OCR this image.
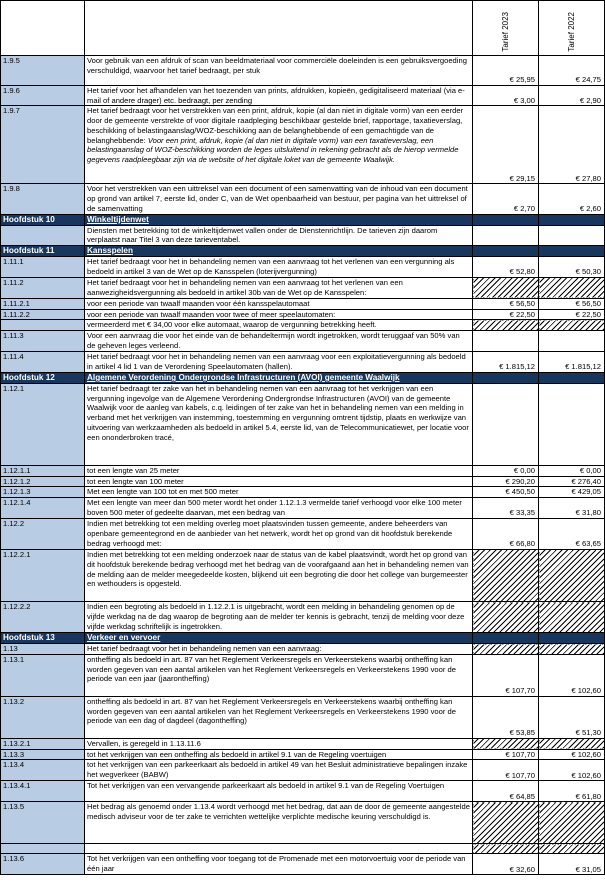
		Tarief 2023	Tarief 2022

1.9.5	Voor gebruik van een afdruk of scan van beeldmateriaal voor commerciële doeleinden is een gebruiksvergoeding verschuldigd, waarvoor het tarief bedraagt, per stuk	€ 25,95	€ 24,75
1.9.6	Het tarief voor het afhandelen van het toezenden van prints, afdrukken, kopieën, gedigitaliseerd materiaal (via e-mail of andere drager) etc. bedraagt, per zending	€ 3,00	€ 2,90
1.9.7	Het tarief bedraagt voor het verstrekken van een print, afdruk, kopie (al dan niet in digitale vorm) van een eerder door de gemeente verstrekte of voor digitale raadpleging beschikbaar gestelde brief, rapportage, taxatieverslag, beschikking of belastingaanslag/WOZ-beschikking aan de belanghebbende of een gemachtigde van de belanghebbende: Voor een print, afdruk, kopie (al dan niet in digitale vorm) van een taxatieverslag, een belastingaanslag of WOZ-beschikking worden de leges uitsluitend in rekening gebracht als de hierop vermelde gegevens raadpleegbaar zijn via de website of het digitale loket van de gemeente Waalwijk.	€ 29,15	€ 27,80
1.9.8	Voor het verstrekken van een uittreksel van een document of een samenvatting van de inhoud van een document op grond van artikel 7, eerste lid, onder C, van de Wet openbaarheid van bestuur, per pagina van het uittreksel of de samenvatting	€ 2,70	€ 2,60
Hoofdstuk 10	Winkeltijdenwet		
	Diensten met betrekking tot de winkeltijdenwet vallen onder de Dienstenrichtlijn. De tarieven zijn daarom verplaatst naar Titel 3 van deze tarieventabel.		
Hoofdstuk 11	Kansspelen		
1.11.1	Het tarief bedraagt voor het in behandeling nemen van een aanvraag tot het verlenen van een vergunning als bedoeld in artikel 3 van de Wet op de Kansspelen (loterijvergunning)	€ 52,80	€ 50,30
1.11.2	Het tarief bedraagt voor het in behandeling nemen van een aanvraag tot het verlenen van een aanwezigheidsvergunning als bedoeld in artikel 30b van de Wet op de Kansspelen:		
1.11.2.1	voor een periode van twaalf maanden voor één kansspelautomaat	€ 56,50	€ 56,50
1.11.2.2	voor een periode van twaalf maanden voor twee of meer speelautomaten:	€ 22,50	€ 22,50
	vermeerderd met € 34,00 voor elke automaat, waarop de vergunning betrekking heeft.		
1.11.3	Voor een aanvraag die voor het einde van de behandeltermijn wordt ingetrokken, wordt teruggaaf van 50% van de geheven leges verleend.		
1.11.4	Het tarief bedraagt voor het in behandeling nemen van een aanvraag voor een exploitatievergunning als bedoeld in artikel 4 lid 1 van de Verordening Speelautomaten (hallen).	€ 1.815,12	€ 1.815,12
Hoofdstuk 12	Algemene Verordening Ondergrondse Infrastructuren (AVOI) gemeente Waalwijk		
1.12.1	Het tarief bedraagt ter zake van het in behandeling nemen van een aanvraag tot het verkrijgen van een vergunning ingevolge van de Algemene Verordening Ondergrondse Infrastructuren (AVOI) van de gemeente Waalwijk voor de aanleg van kabels, c.q. leidingen of ter zake van het in behandeling nemen van een melding in verband met het verkrijgen van instemming, toestemming en vergunning omtrent tijdstip, plaats en werkwijze van uitvoering van werkzaamheden als bedoeld in artikel 5.4, eerste lid, van de Telecommunicatiewet, per locatie voor een ononderbroken tracé,		
1.12.1.1	tot een lengte van 25 meter	€ 0,00	€ 0,00
1.12.1.2	tot een lengte van 100 meter	€ 290,20	€ 276,40
1.12.1.3	Met een lengte van 100 tot en met 500 meter	€ 450,50	€ 429,05
1.12.1.4	Met een lengte van meer dan 500 meter wordt het onder 1.12.1.3 vermelde tarief verhoogd voor elke 100 meter boven 500 meter of gedeelte daarvan, met een bedrag van	€ 33,35	€ 31,80
1.12.2	Indien met betrekking tot een melding overleg moet plaatsvinden tussen gemeente, andere beheerders van openbare gemeentegrond en de aanbieder van het netwerk, wordt het op grond van dit hoofdstuk berekende bedrag verhoogd met:	€ 66,80	€ 63,65
1.12.2.1	Indien met betrekking tot een melding onderzoek naar de status van de kabel plaatsvindt, wordt het op grond van dit hoofdstuk berekende bedrag verhoogd met het bedrag van de voorafgaand aan het in behandeling nemen van de melding aan de melder meegedeelde kosten, blijkend uit een begroting die door het college van burgemeester en wethouders is opgesteld.		
1.12.2.2	Indien een begroting als bedoeld in 1.12.2.1 is uitgebracht, wordt een melding in behandeling genomen op de vijfde werkdag na de dag waarop de begroting aan de melder ter kennis is gebracht, tenzij de melding voor deze vijfde werkdag schriftelijk is ingetrokken.		
Hoofdstuk 13	Verkeer en vervoer		
1.13	Het tarief bedraagt voor het in behandeling nemen van een aanvraag:		
1.13.1	ontheffing als bedoeld in art. 87 van het Reglement Verkeersregels en Verkeerstekens waarbij ontheffing kan worden gegeven van een aantal artikelen van het Reglement Verkeersregels en Verkeerstekens 1990 voor de periode van een jaar (jaarontheffing)	€ 107,70	€ 102,60
1.13.2	ontheffing als bedoeld in art. 87 van het Reglement Verkeersregels en Verkeerstekens waarbij ontheffing kan worden gegeven van een aantal artikelen van het Reglement Verkeersregels en Verkeerstekens 1990 voor de periode van een dag of dagdeel (dagontheffing)	€ 53,85	€ 51,30
1.13.2.1	Vervallen, is geregeld in 1.13.11.6		
1.13.3	tot het verkrijgen van een ontheffing als bedoeld in artikel 9.1 van de Regeling voertuigen	€ 107,70	€ 102,60
1.13.4	tot het verkrijgen van een parkeerkaart als bedoeld in artikel 49 van het Besluit administratieve bepalingen inzake het wegverkeer (BABW)	€ 107,70	€ 102,60
1.13.4.1	Tot het verkrijgen van een vervangende parkeerkaart als bedoeld in artikel 9.1 van de Regeling Voertuigen	€ 64,85	€ 61,80
1.13.5	Het bedrag als genoemd onder 1.13.4 wordt verhoogd met het bedrag, dat aan de door de gemeente aangestelde medisch adviseur voor de ter zake te verrichten wettelijke verplichte medische keuring verschuldigd is.		

1.13.6	Tot het verkrijgen van een ontheffing voor toegang tot de Promenade met een motorvoertuig voor de periode van één jaar	€ 32,60	€ 31,05
